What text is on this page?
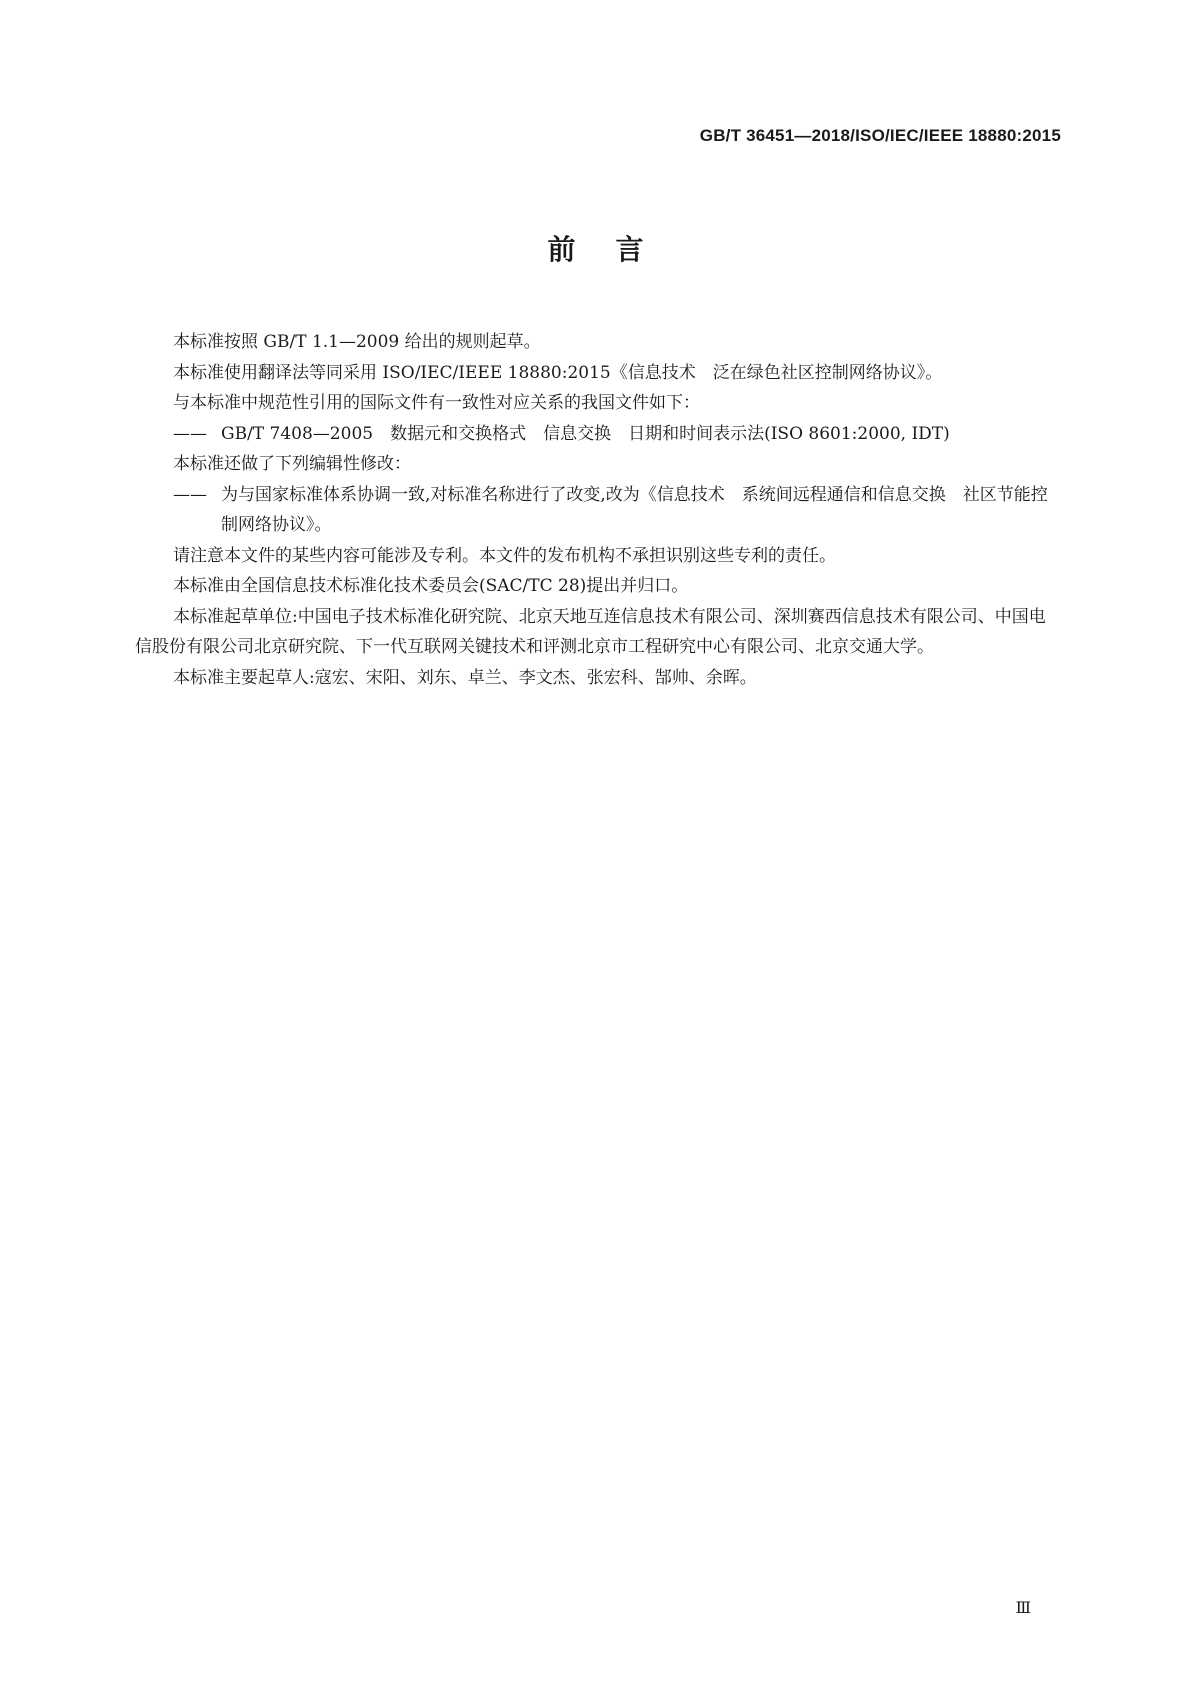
GB/T 36451—2018/ISO/IEC/IEEE 18880:2015
前言

本标准按照 GB/T 1.1—2009 给出的规则起草。

本标准使用翻译法等同采用 ISO/IEC/IEEE 18880:2015《信息技术　泛在绿色社区控制网络协议》。

与本标准中规范性引用的国际文件有一致性对应关系的我国文件如下：

—— GB/T 7408—2005　数据元和交换格式　信息交换　日期和时间表示法(ISO 8601:2000, IDT)

本标准还做了下列编辑性修改：

—— 为与国家标准体系协调一致,对标准名称进行了改变,改为《信息技术　系统间远程通信和信息交换　社区节能控制网络协议》。

请注意本文件的某些内容可能涉及专利。本文件的发布机构不承担识别这些专利的责任。

本标准由全国信息技术标准化技术委员会(SAC/TC 28)提出并归口。

本标准起草单位:中国电子技术标准化研究院、北京天地互连信息技术有限公司、深圳赛西信息技术有限公司、中国电信股份有限公司北京研究院、下一代互联网关键技术和评测北京市工程研究中心有限公司、北京交通大学。

本标准主要起草人:寇宏、宋阳、刘东、卓兰、李文杰、张宏科、郜帅、余晖。

Ⅲ
